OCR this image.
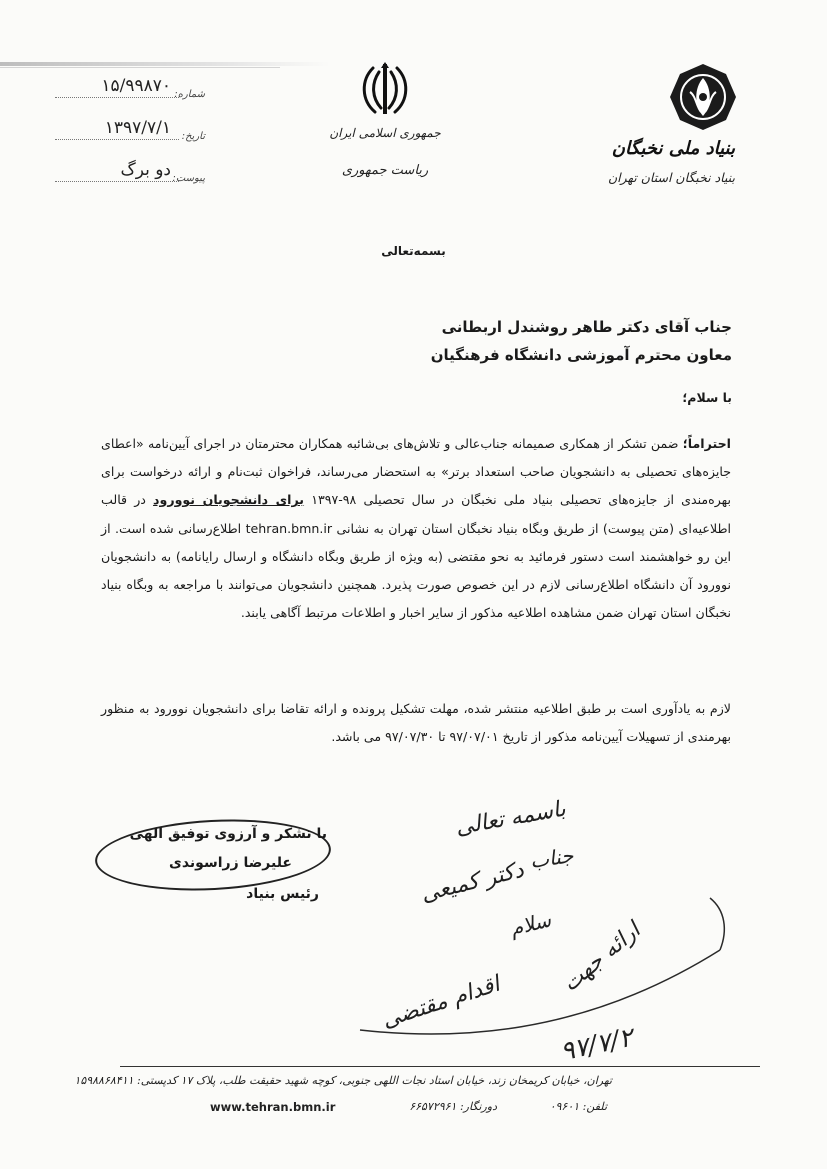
شماره:
۱۵/۹۹۸۷۰
تاریخ:
۱۳۹۷/۷/۱
پیوست:
دو برگ
جمهوری اسلامی ایران
ریاست جمهوری
بنیاد ملی نخبگان
بنیاد نخبگان استان تهران
بسمه‌تعالی
جناب آقای دکتر طاهر روشندل اربطانی
معاون محترم آموزشی دانشگاه فرهنگیان
با سلام؛
احتراماً؛ ضمن تشکر از همکاری صمیمانه جناب‌عالی و تلاش‌های بی‌شائبه همکاران محترمتان در اجرای آیین‌نامه «اعطای جایزه‌های تحصیلی به دانشجویان صاحب استعداد برتر» به استحضار می‌رساند، فراخوان ثبت‌نام و ارائه درخواست برای بهره‌مندی از جایزه‌های تحصیلی بنیاد ملی نخبگان در سال تحصیلی ۹۸-۱۳۹۷ برای دانشجویان نوورود در قالب اطلاعیه‌ای (متن پیوست) از طریق وبگاه بنیاد نخبگان استان تهران به نشانی tehran.bmn.ir اطلاع‌رسانی شده است. از این رو خواهشمند است دستور فرمائید به نحو مقتضی (به ویژه از طریق وبگاه دانشگاه و ارسال رایانامه) به دانشجویان نوورود آن دانشگاه اطلاع‌رسانی لازم در این خصوص صورت پذیرد. همچنین دانشجویان می‌توانند با مراجعه به وبگاه بنیاد نخبگان استان تهران ضمن مشاهده اطلاعیه مذکور از سایر اخبار و اطلاعات مرتبط آگاهی یابند.
لازم به یادآوری است بر طبق اطلاعیه منتشر شده، مهلت تشکیل پرونده و ارائه تقاضا برای دانشجویان نوورود به منظور بهرمندی از تسهیلات آیین‌نامه مذکور از تاریخ ۹۷/۰۷/۰۱ تا ۹۷/۰۷/۳۰ می باشد.
با تشکر و آرزوی توفیق الهی
علیرضا زراسوندی
رئیس بنیاد
باسمه تعالی
جناب
دکتر کمیعی
سلام ارائه جهت
اقدام مقتضی
۹۷/۷/۲
تهران، خیابان کریمخان زند، خیابان استاد نجات اللهی جنوبی، کوچه شهید حقیقت طلب، پلاک ۱۷ کدپستی: ۱۵۹۸۸۶۸۴۱۱
تلفن: ۰۹۶۰۱
دورنگار: ۶۶۵۷۲۹۶۱
www.tehran.bmn.ir
